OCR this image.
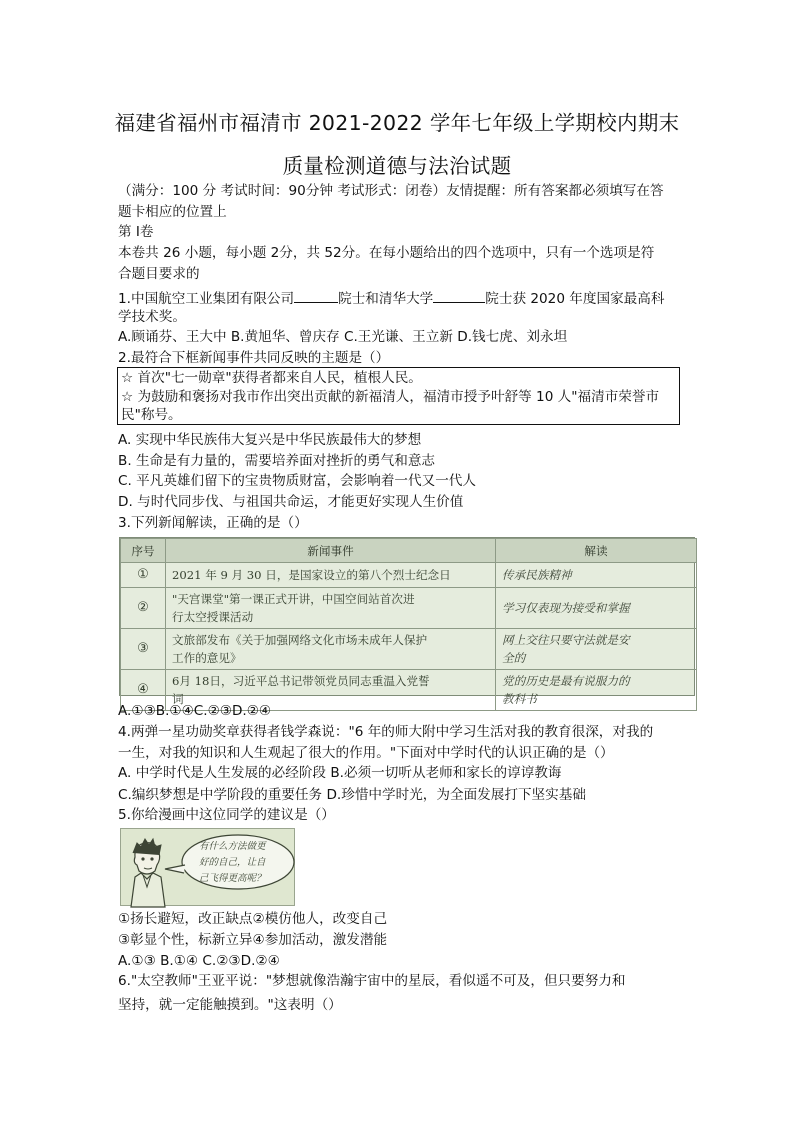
福建省福州市福清市 2021-2022 学年七年级上学期校内期末
质量检测道德与法治试题
（满分：100 分 考试时间：90分钟 考试形式：闭卷）友情提醒：所有答案都必须填写在答
题卡相应的位置上
第 Ⅰ卷
本卷共 26 小题，每小题 2分，共 52分。在每小题给出的四个选项中，只有一个选项是符
合题目要求的
1.中国航空工业集团有限公司	院士和清华大学	院士获 2020 年度国家最高科
学技术奖。
A.顾诵芬、王大中 B.黄旭华、曾庆存 C.王光谦、王立新 D.钱七虎、刘永坦
2.最符合下框新闻事件共同反映的主题是（）
☆ 首次"七一勋章"获得者都来自人民，植根人民。
☆ 为鼓励和褒扬对我市作出突出贡献的新福清人，福清市授予叶舒等 10 人"福清市荣誉市
民"称号。
A. 实现中华民族伟大复兴是中华民族最伟大的梦想
B. 生命是有力量的，需要培养面对挫折的勇气和意志
C. 平凡英雄们留下的宝贵物质财富，会影响着一代又一代人
D. 与时代同步伐、与祖国共命运，才能更好实现人生价值
3.下列新闻解读，正确的是（）
序号	新闻事件	解读
①	2021 年 9 月 30 日，是国家设立的第八个烈士纪念日	传承民族精神
②	"天宫课堂"第一课正式开讲，中国空间站首次进
行太空授课活动	学习仅表现为接受和掌握
③	文旅部发布《关于加强网络文化市场未成年人保护
工作的意见》	网上交往只要守法就是安
全的
④	6月 18日，习近平总书记带领党员同志重温入党誓
词	党的历史是最有说服力的
教科书
A.①③B.①④C.②③D.②④
4.两弹一星功勋奖章获得者钱学森说："6 年的师大附中学习生活对我的教育很深，对我的
一生，对我的知识和人生观起了很大的作用。"下面对中学时代的认识正确的是（）
A. 中学时代是人生发展的必经阶段 B.必须一切听从老师和家长的谆谆教诲
C.编织梦想是中学阶段的重要任务 D.珍惜中学时光，为全面发展打下坚实基础
5.你给漫画中这位同学的建议是（）
有什么方法做更
好的自己，让自
己飞得更高呢？
①扬长避短，改正缺点②模仿他人，改变自己
③彰显个性，标新立异④参加活动，激发潜能
A.①③ B.①④ C.②③D.②④
6."太空教师"王亚平说："梦想就像浩瀚宇宙中的星辰，看似遥不可及，但只要努力和
坚持，就一定能触摸到。"这表明（）
